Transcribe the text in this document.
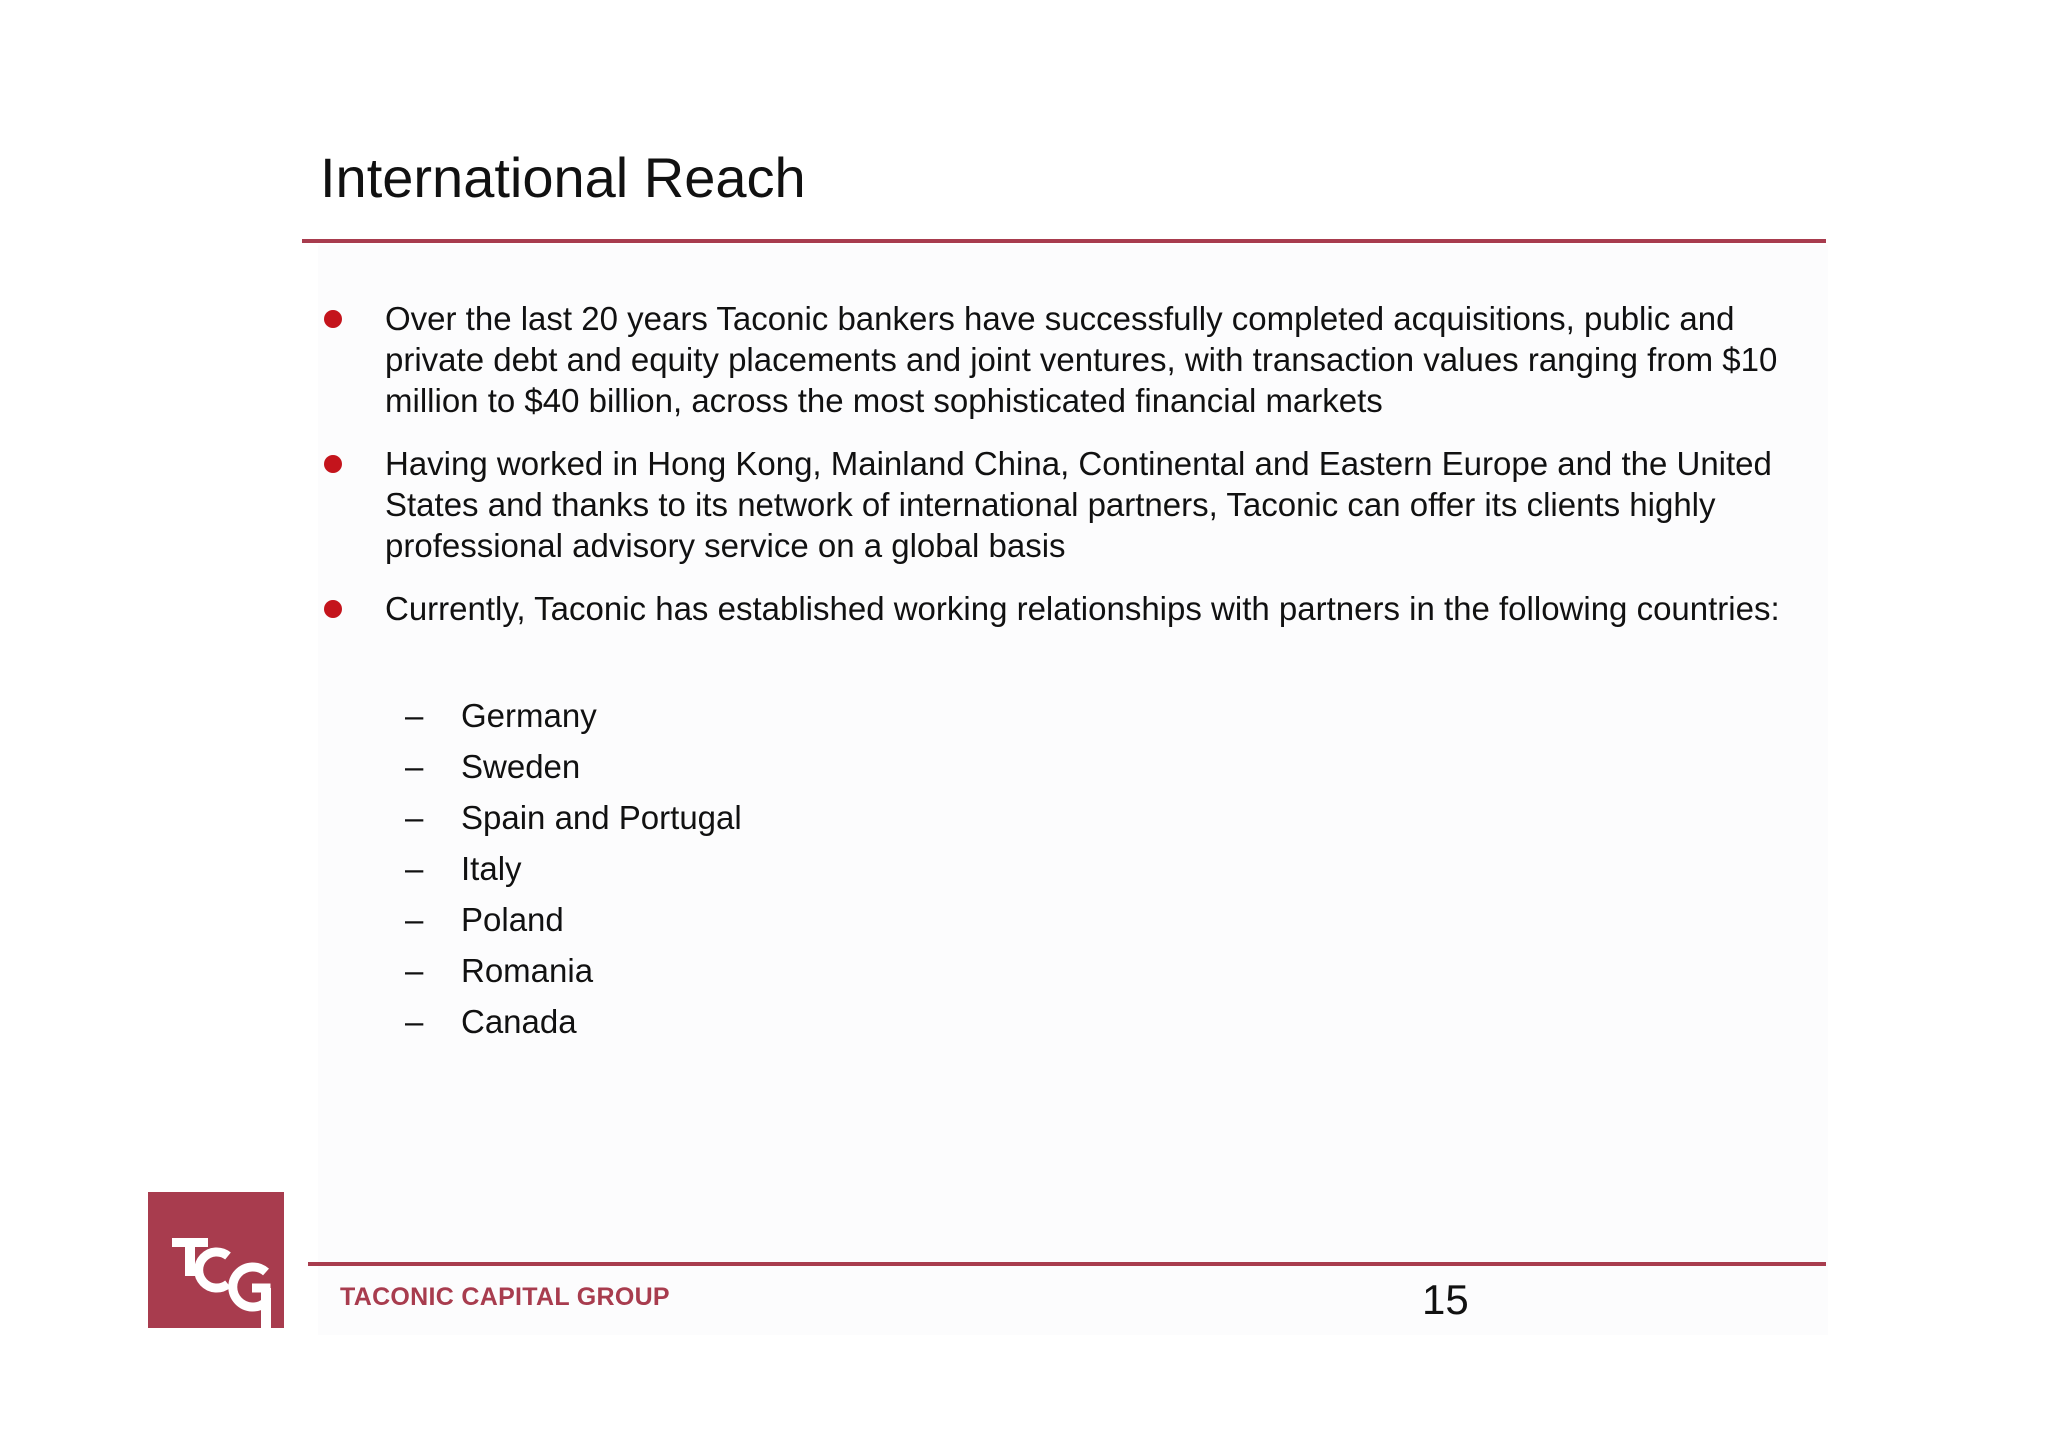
International Reach
Over the last 20 years Taconic bankers have successfully completed acquisitions, public and private debt and equity placements and joint ventures, with transaction values ranging from $10 million to $40 billion, across the most sophisticated financial markets
Having worked in Hong Kong, Mainland China, Continental and Eastern Europe and the United States and thanks to its network of international partners, Taconic can offer its clients highly professional advisory service on a global basis
Currently, Taconic has established working relationships with partners in the following countries:
– Germany
– Sweden
– Spain and Portugal
– Italy
– Poland
– Romania
– Canada
TACONIC CAPITAL GROUP	15
